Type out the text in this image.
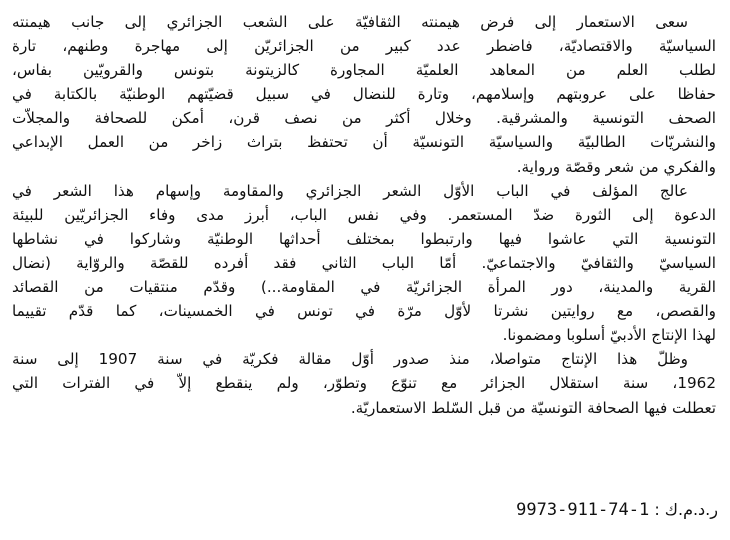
سعى الاستعمار إلى فرض هيمنته الثقافيّة على الشعب الجزائري إلى جانب هيمنته
السياسيّة والاقتصاديّة، فاضطر عدد كبير من الجزائريّن إلى مهاجرة وطنهم، تارة
لطلب العلم من المعاهد العلميّة المجاورة كالزيتونة بتونس والقرويّين بفاس،
حفاظا على عروبتهم وإسلامهم، وتارة للنضال في سبيل قضيّتهم الوطنيّة بالكتابة في
الصحف التونسية والمشرقية. وخلال أكثر من نصف قرن، أمكن للصحافة والمجلاّت
والنشريّات الطالبيّة والسياسيّة التونسيّة أن تحتفظ بتراث زاخر من العمل الإبداعي
والفكري من شعر وقصّة ورواية.

عالج المؤلف في الباب الأوّل الشعر الجزائري والمقاومة وإسهام هذا الشعر في
الدعوة إلى الثورة ضدّ المستعمر. وفي نفس الباب، أبرز مدى وفاء الجزائريّين للبيئة
التونسية التي عاشوا فيها وارتبطوا بمختلف أحداثها الوطنيّة وشاركوا في نشاطها
السياسيّ والثقافيّ والاجتماعيّ. أمّا الباب الثاني فقد أفرده للقصّة والروّاية (نضال
القرية والمدينة، دور المرأة الجزائريّة في المقاومة...) وقدّم منتقيات من القصائد
والقصص، مع روايتين نشرتا لأوّل مرّة في تونس في الخمسينات، كما قدّم تقييما
لهذا الإنتاج الأدبيّ أسلوبا ومضمونا.

وظلّ هذا الإنتاج متواصلا، منذ صدور أوّل مقالة فكريّة في سنة 1907 إلى سنة
1962، سنة استقلال الجزائر مع تنوّع وتطوّر، ولم ينقطع إلاّ في الفترات التي
تعطلت فيها الصحافة التونسيّة من قبل السّلط الاستعماريّة.

ر.د.م.ك : 9973-911-74-1
